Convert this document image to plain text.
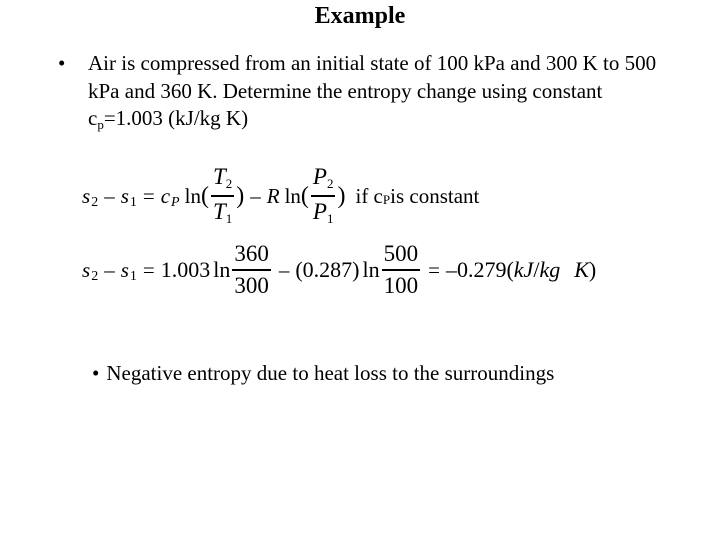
Example
• Air is compressed from an initial state of 100 kPa and 300 K to 500 kPa and 360 K. Determine the entropy change using constant $c_p=1.003$ (kJ/kg K)
s 2 – s 1 = c P ln ( $\frac{T2}{T1}$ ) – R ln ( $\frac{P2}{P1}$ ) if c P is constant
s 2 – s 1 = 1.003 $\ln \frac{360}{300} - (0.287)$ $\ln \frac{500}{100} = -0.279$( kJ / kg K )
• Negative entropy due to heat loss to the surroundings
